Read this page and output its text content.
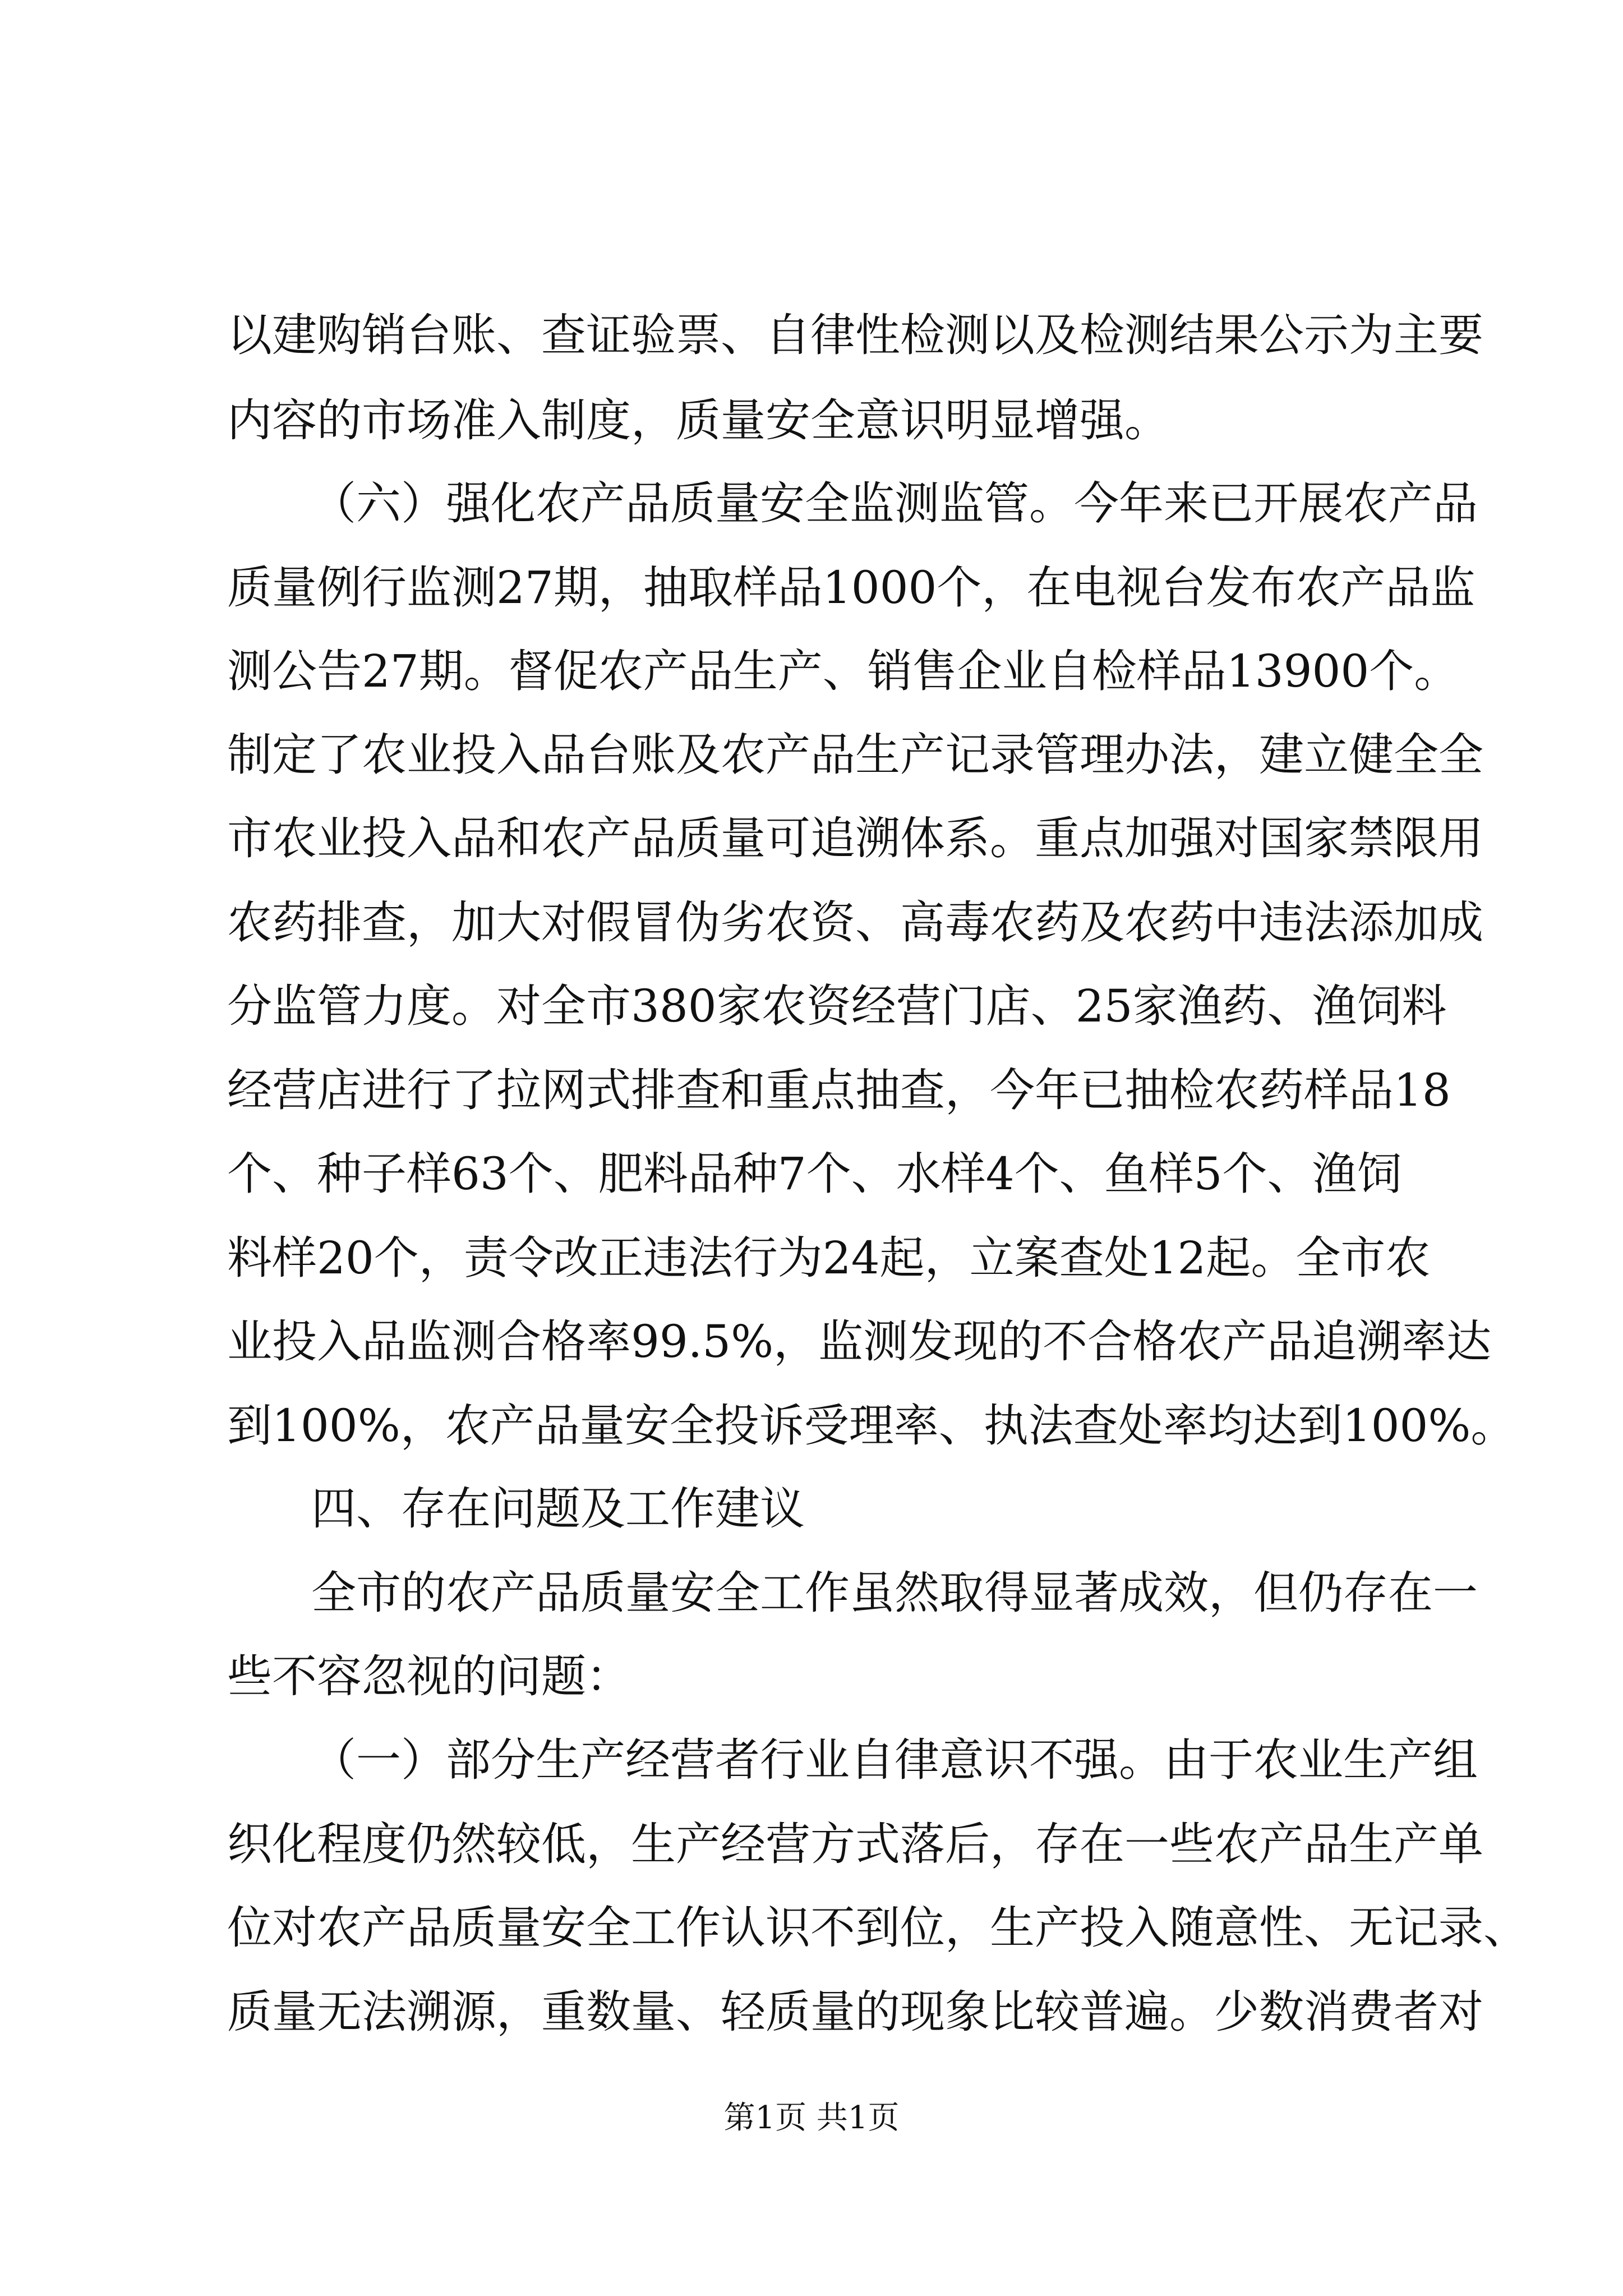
以建购销台账、查证验票、自律性检测以及检测结果公示为主要
内容的市场准入制度，质量安全意识明显增强。
（六）强化农产品质量安全监测监管。今年来已开展农产品
质量例行监测27期，抽取样品1000个，在电视台发布农产品监
测公告27期。督促农产品生产、销售企业自检样品13900个。
制定了农业投入品台账及农产品生产记录管理办法，建立健全全
市农业投入品和农产品质量可追溯体系。重点加强对国家禁限用
农药排查，加大对假冒伪劣农资、高毒农药及农药中违法添加成
分监管力度。对全市380家农资经营门店、25家渔药、渔饲料
经营店进行了拉网式排查和重点抽查，今年已抽检农药样品18
个、种子样63个、肥料品种7个、水样4个、鱼样5个、渔饲
料样20个，责令改正违法行为24起，立案查处12起。全市农
业投入品监测合格率99.5%，监测发现的不合格农产品追溯率达
到100%，农产品量安全投诉受理率、执法查处率均达到100%。
四、存在问题及工作建议
全市的农产品质量安全工作虽然取得显著成效，但仍存在一
些不容忽视的问题：
（一）部分生产经营者行业自律意识不强。由于农业生产组
织化程度仍然较低，生产经营方式落后，存在一些农产品生产单
位对农产品质量安全工作认识不到位，生产投入随意性、无记录、
质量无法溯源，重数量、轻质量的现象比较普遍。少数消费者对
第1页 共1页
